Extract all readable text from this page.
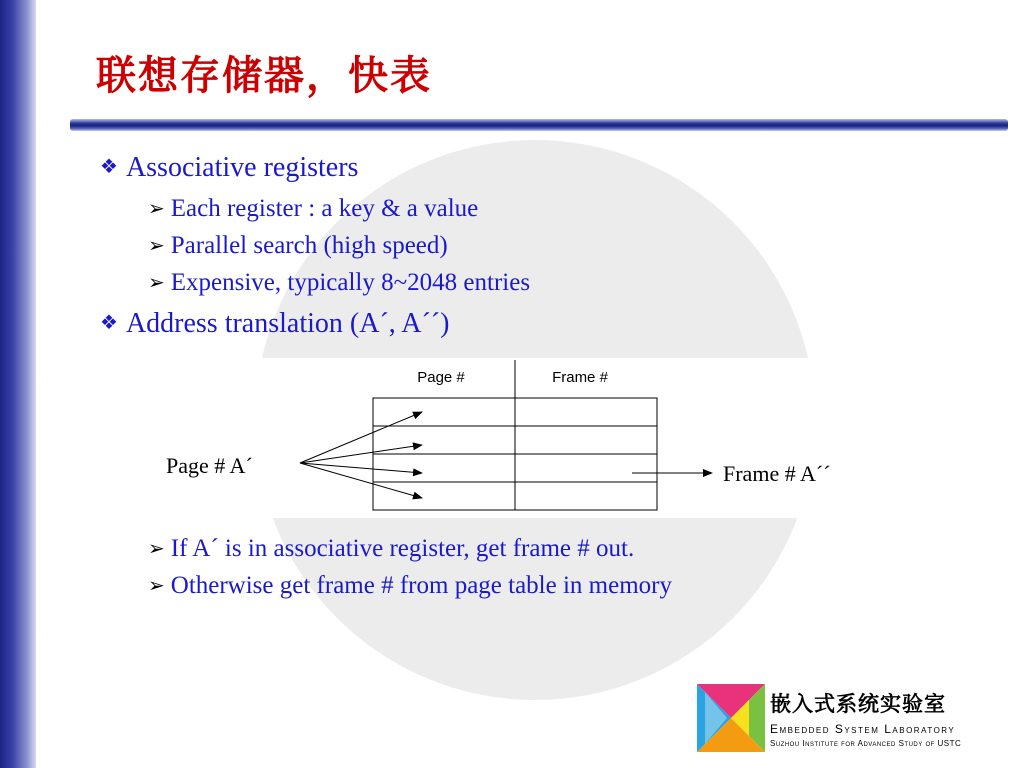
联想存储器，快表
❖ Associative registers
➢ Each register : a key & a value
➢ Parallel search (high speed)
➢ Expensive, typically 8~2048 entries
❖ Address translation (A´, A´´)
Page #	Frame #
Page # A´	Frame # A´´
➢ If A´ is in associative register, get frame # out.
➢ Otherwise get frame # from page table in memory
嵌入式系统实验室
Embedded System Laboratory
Suzhou Institute for Advanced Study of USTC
